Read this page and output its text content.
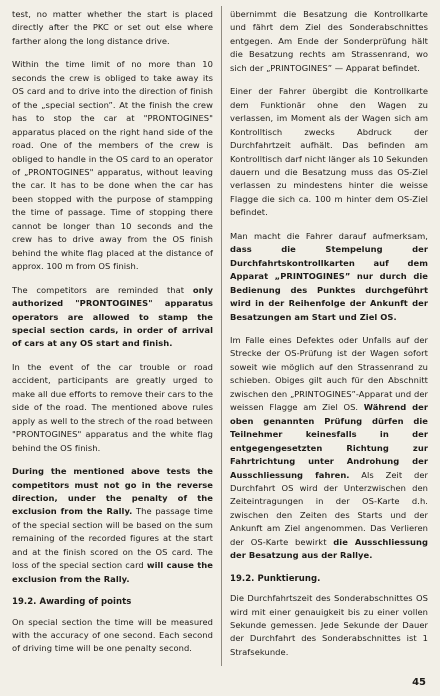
test, no matter whether the start is placed directly after the PKC or set out else where farther along the long distance drive.

Within the time limit of no more than 10 seconds the crew is obliged to take away its OS card and to drive into the direction of finish of the „special section”. At the finish the crew has to stop the car at "PRONTOGINES" apparatus placed on the right hand side of the road. One of the members of the crew is obliged to handle in the OS card to an operator of „PRONTOGINES" apparatus, without leaving the car. It has to be done when the car has been stopped with the purpose of stampping the time of passage. Time of stopping there cannot be longer than 10 seconds and the crew has to drive away from the OS finish behind the white flag placed at the distance of approx. 100 m from OS finish.

The competitors are reminded that only authorized "PRONTOGINES" apparatus operators are allowed to stamp the special section cards, in order of arrival of cars at any OS start and finish.

In the event of the car trouble or road accident, participants are greatly urged to make all due efforts to remove their cars to the side of the road. The mentioned above rules apply as well to the strech of the road between "PRONTOGINES" apparatus and the white flag behind the OS finish.

During the mentioned above tests the competitors must not go in the reverse direction, under the penalty of the exclusion from the Rally. The passage time of the special section will be based on the sum remaining of the recorded figures at the start and at the finish scored on the OS card. The loss of the special section card will cause the exclusion from the Rally.

19.2. Awarding of points

On special section the time will be measured with the accuracy of one second. Each second of driving time will be one penalty second.

übernimmt die Besatzung die Kontrollkarte und fährt dem Ziel des Sonderabschnittes entgegen. Am Ende der Sonderprüfung hält die Besatzung rechts am Strassenrand, wo sich der „PRINTOGINES” — Apparat befindet.

Einer der Fahrer übergibt die Kontrollkarte dem Funktionär ohne den Wagen zu verlassen, im Moment als der Wagen sich am Kontrolltisch zwecks Abdruck der Durchfahrtzeit aufhält. Das befinden am Kontrolltisch darf nicht länger als 10 Sekunden dauern und die Besatzung muss das OS-Ziel verlassen zu mindestens hinter die weisse Flagge die sich ca. 100 m hinter dem OS-Ziel befindet.

Man macht die Fahrer darauf aufmerksam, dass die Stempelung der Durchfahrtskontrollkarten auf dem Apparat „PRINTOGINES” nur durch die Bedienung des Punktes durchgeführt wird in der Reihenfolge der Ankunft der Besatzungen am Start und Ziel OS.

Im Falle eines Defektes oder Unfalls auf der Strecke der OS-Prüfung ist der Wagen sofort soweit wie möglich auf den Strassenrand zu schieben. Obiges gilt auch für den Abschnitt zwischen den „PRINTOGINES”-Apparat und der weissen Flagge am Ziel OS. Während der oben genannten Prüfung dürfen die Teilnehmer keinesfalls in der entgegengesetzten Richtung zur Fahrtrichtung unter Androhung der Ausschliessung fahren. Als Zeit der Durchfahrt OS wird der Unterzwischen den Zeiteintragungen in der OS-Karte d.h. zwischen den Zeiten des Starts und der Ankunft am Ziel angenommen. Das Verlieren der OS-Karte bewirkt die Ausschliessung der Besatzung aus der Rallye.

19.2. Punktierung.

Die Durchfahrtszeit des Sonderabschnittes OS wird mit einer genauigkeit bis zu einer vollen Sekunde gemessen. Jede Sekunde der Dauer der Durchfahrt des Sonderabschnittes ist 1 Strafsekunde.

45
